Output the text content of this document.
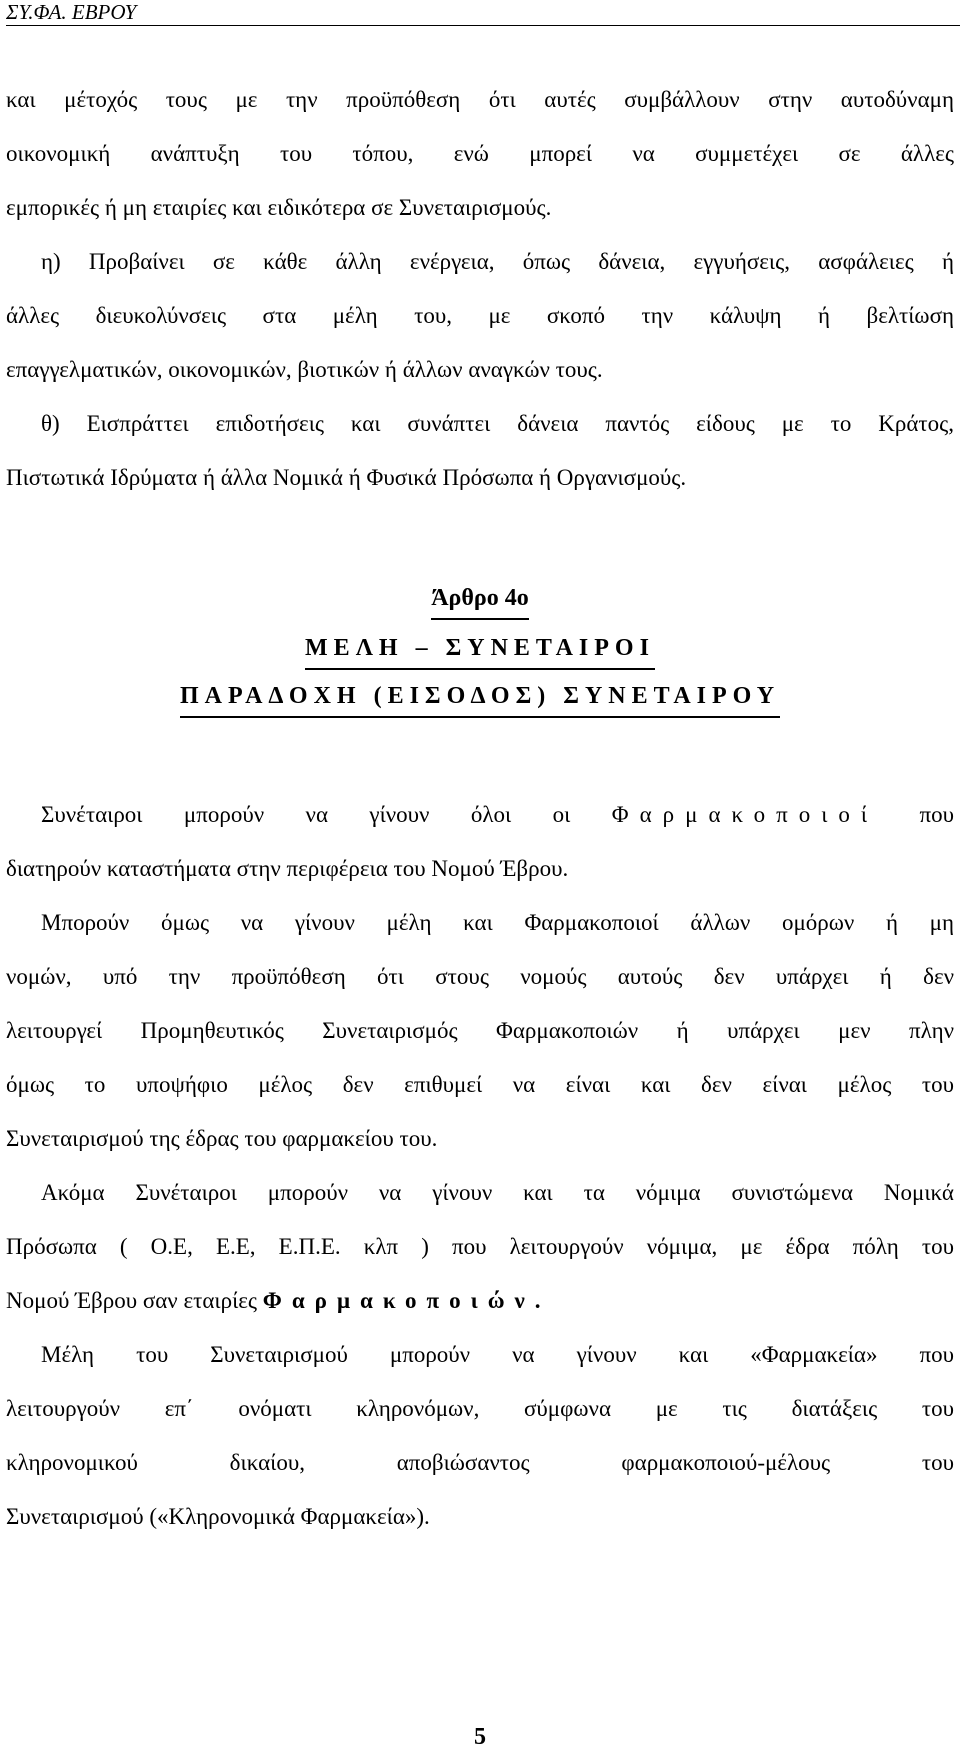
ΣΥ.ΦΑ. ΕΒΡΟΥ
και μέτοχός τους με την προϋπόθεση ότι αυτές συμβάλλουν στην αυτοδύναμη
οικονομική ανάπτυξη του τόπου, ενώ μπορεί να συμμετέχει σε άλλες
εμπορικές ή μη εταιρίες και ειδικότερα σε Συνεταιρισμούς.
η) Προβαίνει σε κάθε άλλη ενέργεια, όπως δάνεια, εγγυήσεις, ασφάλειες ή
άλλες διευκολύνσεις στα μέλη του, με σκοπό την κάλυψη ή βελτίωση
επαγγελματικών, οικονομικών, βιοτικών ή άλλων αναγκών τους.
θ) Εισπράττει επιδοτήσεις και συνάπτει δάνεια παντός είδους με το Κράτος,
Πιστωτικά Ιδρύματα ή άλλα Νομικά ή Φυσικά Πρόσωπα ή Οργανισμούς.
Άρθρο 4ο
ΜΕΛΗ – ΣΥΝΕΤΑΙΡΟΙ
ΠΑΡΑΔΟΧΗ (ΕΙΣΟΔΟΣ) ΣΥΝΕΤΑΙΡΟΥ
Συνέταιροι μπορούν να γίνουν όλοι οι Φαρμακοποιοί που
διατηρούν καταστήματα στην περιφέρεια του Νομού Έβρου.
Μπορούν όμως να γίνουν μέλη και Φαρμακοποιοί άλλων ομόρων ή μη
νομών, υπό την προϋπόθεση ότι στους νομούς αυτούς δεν υπάρχει ή δεν
λειτουργεί Προμηθευτικός Συνεταιρισμός Φαρμακοποιών ή υπάρχει μεν πλην
όμως το υποψήφιο μέλος δεν επιθυμεί να είναι και δεν είναι μέλος του
Συνεταιρισμού της έδρας του φαρμακείου του.
Ακόμα Συνέταιροι μπορούν να γίνουν και τα νόμιμα συνιστώμενα Νομικά
Πρόσωπα ( Ο.Ε, Ε.Ε, Ε.Π.Ε. κλπ ) που λειτουργούν νόμιμα, με έδρα πόλη του
Νομού Έβρου σαν εταιρίες Φαρμακοποιών.
Μέλη του Συνεταιρισμού μπορούν να γίνουν και «Φαρμακεία» που
λειτουργούν επ΄ ονόματι κληρονόμων, σύμφωνα με τις διατάξεις του
κληρονομικού δικαίου, αποβιώσαντος φαρμακοποιού-μέλους του
Συνεταιρισμού («Κληρονομικά Φαρμακεία»).
5
